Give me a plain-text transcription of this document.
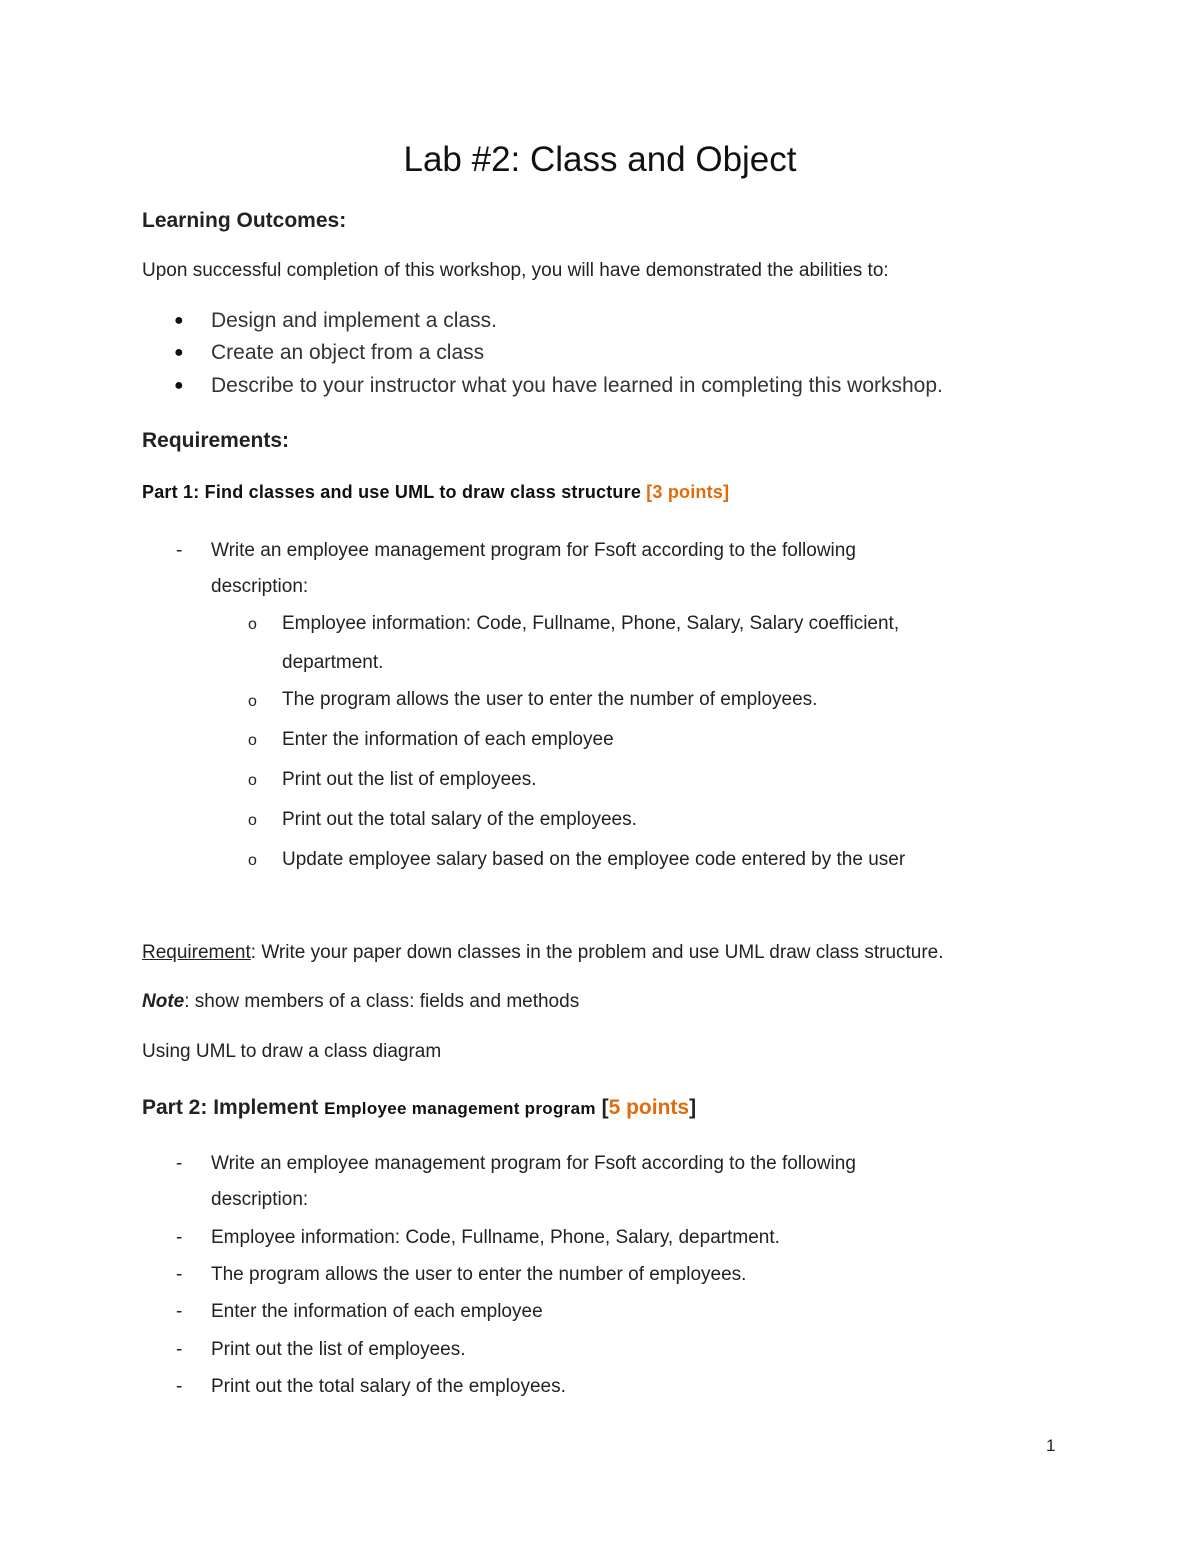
Lab #2: Class and Object
Learning Outcomes:
Upon successful completion of this workshop, you will have demonstrated the abilities to:
● Design and implement a class.
● Create an object from a class
● Describe to your instructor what you have learned in completing this workshop.
Requirements:
Part 1: Find classes and use UML to draw class structure [3 points]
- Write an employee management program for Fsoft according to the following
description:
o Employee information: Code, Fullname, Phone, Salary, Salary coefficient,
department.
o The program allows the user to enter the number of employees.
o Enter the information of each employee
o Print out the list of employees.
o Print out the total salary of the employees.
o Update employee salary based on the employee code entered by the user
Requirement: Write your paper down classes in the problem and use UML draw class structure.
Note: show members of a class: fields and methods
Using UML to draw a class diagram
Part 2: Implement Employee management program [5 points]
- Write an employee management program for Fsoft according to the following
description:
- Employee information: Code, Fullname, Phone, Salary, department.
- The program allows the user to enter the number of employees.
- Enter the information of each employee
- Print out the list of employees.
- Print out the total salary of the employees.
1
